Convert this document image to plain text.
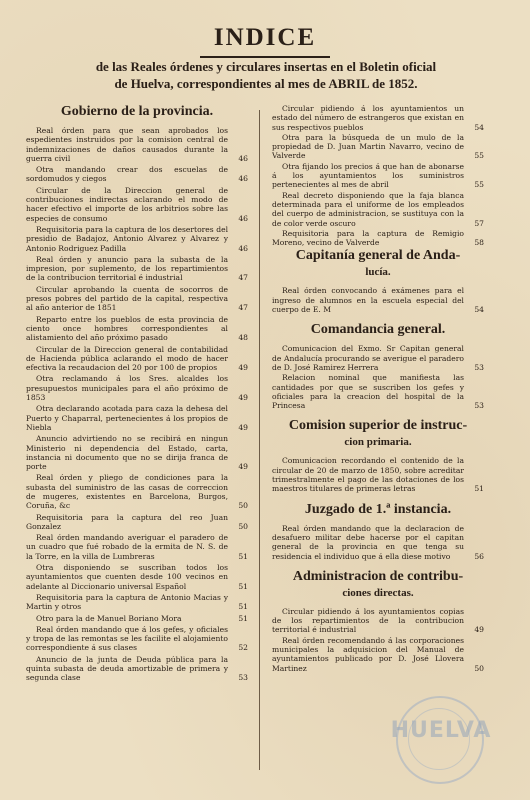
INDICE
de las Reales órdenes y circulares insertas en el Boletin oficial
de Huelva, correspondientes al mes de ABRIL de 1852.
Gobierno de la provincia.
Real órden para que sean aprobados los espedientes instruidos por la comision central de indemnizaciones de daños causados durante la guerra civil	46
Otra mandando crear dos escuelas de sordomudos y ciegos	46
Circular de la Direccion general de contribuciones indirectas aclarando el modo de hacer efectivo el importe de los arbitrios sobre las especies de consumo	46
Requisitoria para la captura de los desertores del presidio de Badajoz, Antonio Alvarez y Alvarez y Antonio Rodriguez Padilla	46
Real órden y anuncio para la subasta de la impresion, por suplemento, de los repartimientos de la contribucion territorial é industrial	47
Circular aprobando la cuenta de socorros de presos pobres del partido de la capital, respectiva al año anterior de 1851	47
Reparto entre los pueblos de esta provincia de ciento once hombres correspondientes al alistamiento del año próximo pasado	48
Circular de la Direccion general de contabilidad de Hacienda pública aclarando el modo de hacer efectiva la recaudacion del 20 por 100 de propios	49
Otra reclamando á los Sres. alcaldes los presupuestos municipales para el año próximo de 1853	49
Otra declarando acotada para caza la dehesa del Puerto y Chaparral, pertenecientes á los propios de Niebla	49
Anuncio advirtiendo no se recibirá en ningun Ministerio ni dependencia del Estado, carta, instancia ni documento que no se dirija franca de porte	49
Real órden y pliego de condiciones para la subasta del suministro de las casas de correccion de mugeres, existentes en Barcelona, Burgos, Coruña, &c	50
Requisitoria para la captura del reo Juan Gonzalez	50
Real órden mandando averiguar el paradero de un cuadro que fué robado de la ermita de N. S. de la Torre, en la villa de Lumbreras	51
Otra disponiendo se suscriban todos los ayuntamientos que cuenten desde 100 vecinos en adelante al Diccionario universal Español	51
Requisitoria para la captura de Antonio Macias y Martin y otros	51
Otro para la de Manuel Boriano Mora	51
Real órden mandando que á los gefes, y oficiales y tropa de las remontas se les facilite el alojamiento correspondiente á sus clases	52
Anuncio de la junta de Deuda pública para la quinta subasta de deuda amortizable de primera y segunda clase	53
Circular pidiendo á los ayuntamientos un estado del número de estrangeros que existan en sus respectivos pueblos	54
Otra para la búsqueda de un mulo de la propiedad de D. Juan Martin Navarro, vecino de Valverde	55
Otra fijando los precios á que han de abonarse á los ayuntamientos los suministros pertenecientes al mes de abril	55
Real decreto disponiendo que la faja blanca determinada para el uniforme de los empleados del cuerpo de administracion, se sustituya con la de color verde oscuro	57
Requisitoria para la captura de Remigio Moreno, vecino de Valverde	58
Capitanía general de Anda-
lucía.
Real órden convocando á exámenes para el ingreso de alumnos en la escuela especial del cuerpo de E. M	54
Comandancia general.
Comunicacion del Exmo. Sr Capitan general de Andalucía procurando se averigue el paradero de D. José Ramirez Herrera	53
Relacion nominal que manifiesta las cantidades por que se suscriben los gefes y oficiales para la creacion del hospital de la Princesa	53
Comision superior de instruc-
cion primaria.
Comunicacion recordando el contenido de la circular de 20 de marzo de 1850, sobre acreditar trimestralmente el pago de las dotaciones de los maestros titulares de primeras letras	51
Juzgado de 1.ª instancia.
Real órden mandando que la declaracion de desafuero militar debe hacerse por el capitan general de la provincia en que tenga su residencia el individuo que á ella diese motivo	56
Administracion de contribu-
ciones directas.
Circular pidiendo á los ayuntamientos copias de los repartimientos de la contribucion territorial é industrial	49
Real órden recomendando á las corporaciones municipales la adquisicion del Manual de ayuntamientos publicado por D. José Llovera Martinez	50
HUELVA
